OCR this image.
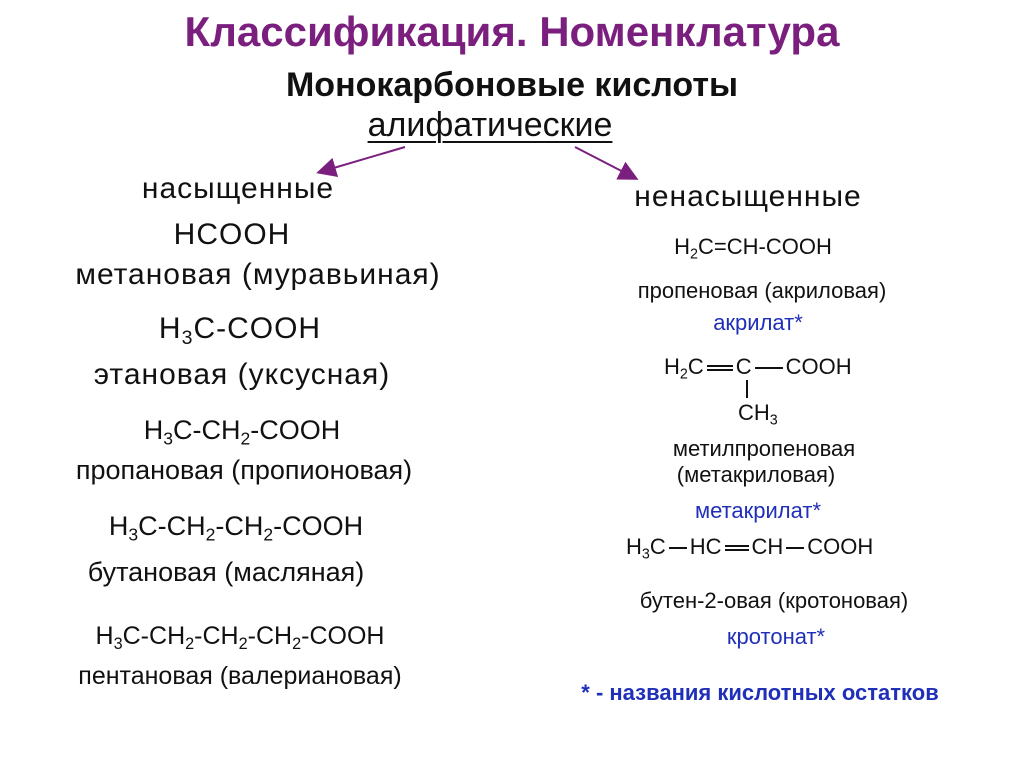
Классификация. Номенклатура
Монокарбоновые кислоты
алифатические
насыщенные
HCOOH
метановая (муравьиная)
$H_3C$-COOH
этановая (уксусная)
$H_3C-CH_2$-COOH
пропановая (пропионовая)
$H_3C-CH_2-CH_2$-COOH
бутановая (масляная)
$H_3C-CH_2-CH_2-CH_2$-COOH
пентановая (валериановая)
ненасыщенные
$H_2C=CH$-COOH
пропеновая (акриловая)
акрилат*
$H_2C$ C COOH
$CH_3$
метилпропеновая
(метакриловая)
метакрилат*
$H_3C$ HC CH COOH
бутен-2-овая (кротоновая)
кротонат*
* - названия кислотных остатков
